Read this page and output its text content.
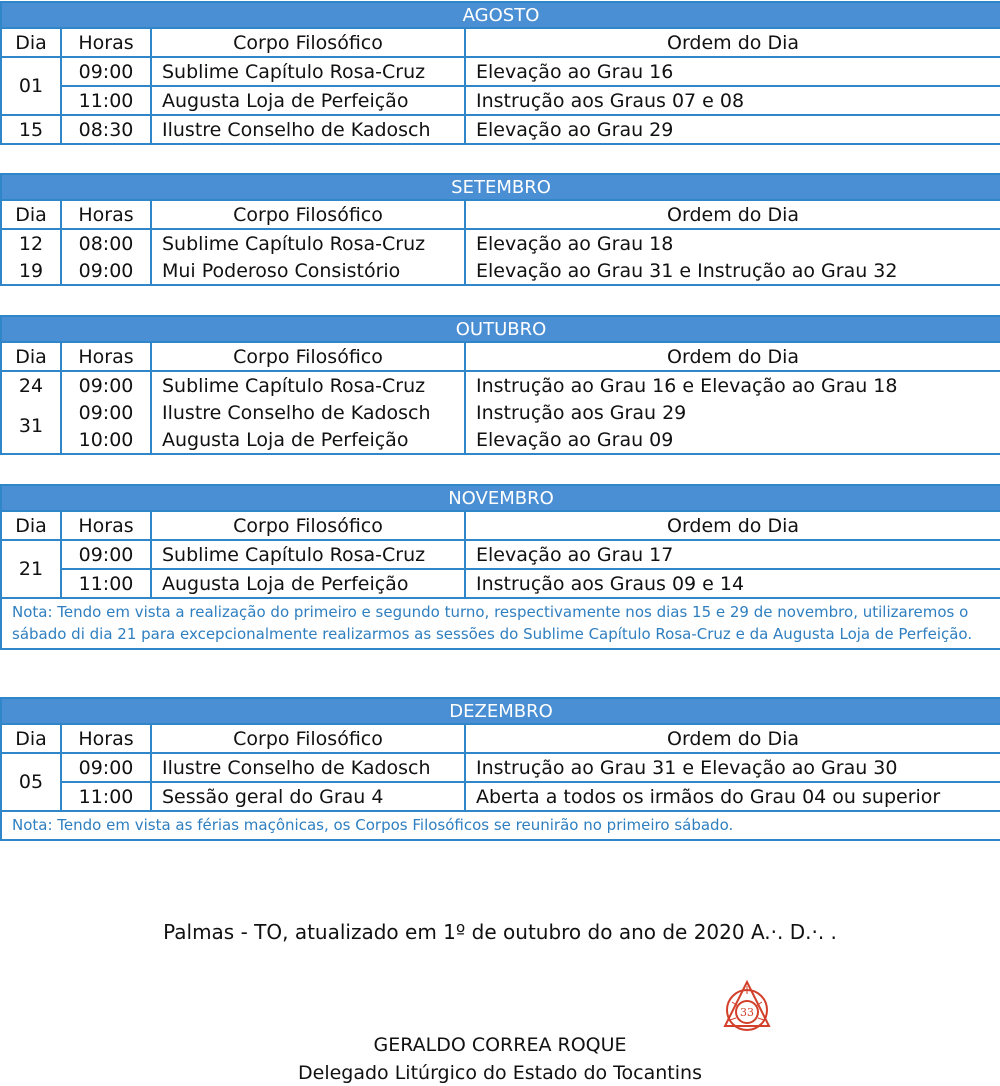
AGOSTO			
Dia	Horas	Corpo Filosófico	Ordem do Dia
01	09:00	Sublime Capítulo Rosa-Cruz	Elevação ao Grau 16
	11:00	Augusta Loja de Perfeição	Instrução aos Graus 07 e 08
15	08:30	Ilustre Conselho de Kadosch	Elevação ao Grau 29
SETEMBRO			
Dia	Horas	Corpo Filosófico	Ordem do Dia
12	08:00	Sublime Capítulo Rosa-Cruz	Elevação ao Grau 18
19	09:00	Mui Poderoso Consistório	Elevação ao Grau 31 e Instrução ao Grau 32
OUTUBRO			
Dia	Horas	Corpo Filosófico	Ordem do Dia
24	09:00	Sublime Capítulo Rosa-Cruz	Instrução ao Grau 16 e Elevação ao Grau 18
31	09:00	Ilustre Conselho de Kadosch	Instrução aos Grau 29
	10:00	Augusta Loja de Perfeição	Elevação ao Grau 09
NOVEMBRO			
Dia	Horas	Corpo Filosófico	Ordem do Dia
21	09:00	Sublime Capítulo Rosa-Cruz	Elevação ao Grau 17
	11:00	Augusta Loja de Perfeição	Instrução aos Graus 09 e 14
Nota: Tendo em vista a realização do primeiro e segundo turno, respectivamente nos dias 15 e 29 de novembro, utilizaremos o sábado di dia 21 para excepcionalmente realizarmos as sessões do Sublime Capítulo Rosa-Cruz e da Augusta Loja de Perfeição.			
DEZEMBRO			
Dia	Horas	Corpo Filosófico	Ordem do Dia
05	09:00	Ilustre Conselho de Kadosch	Instrução ao Grau 31 e Elevação ao Grau 30
	11:00	Sessão geral do Grau 4	Aberta a todos os irmãos do Grau 04 ou superior
Nota: Tendo em vista as férias maçônicas, os Corpos Filosóficos se reunirão no primeiro sábado.			
Palmas - TO, atualizado em 1º de outubro do ano de 2020 A.·. D.·. .
33
GERALDO CORREA ROQUE
Delegado Litúrgico do Estado do Tocantins
